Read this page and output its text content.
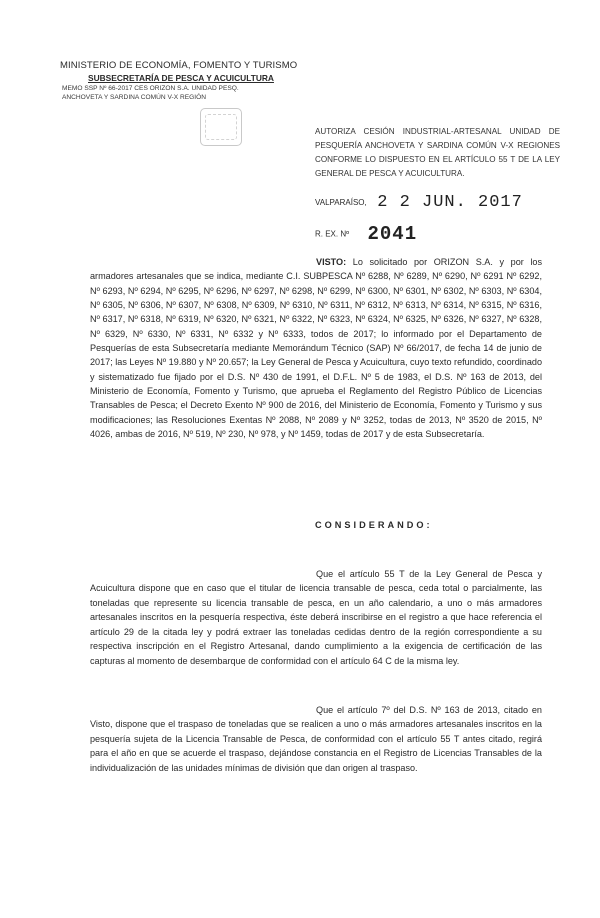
MINISTERIO DE ECONOMÍA, FOMENTO Y TURISMO
SUBSECRETARÍA DE PESCA Y ACUICULTURA
MEMO SSP Nº 66-2017 CES ORIZON S.A. UNIDAD PESQ.
ANCHOVETA Y SARDINA COMÚN V-X REGIÓN
AUTORIZA CESIÓN INDUSTRIAL-ARTESANAL UNIDAD DE PESQUERÍA ANCHOVETA Y SARDINA COMÚN V-X REGIONES CONFORME LO DISPUESTO EN EL ARTÍCULO 55 T DE LA LEY GENERAL DE PESCA Y ACUICULTURA.
VALPARAÍSO, 2 2 JUN. 2017
R. EX. Nº 2041
VISTO: Lo solicitado por ORIZON S.A. y por los armadores artesanales que se indica, mediante C.I. SUBPESCA Nº 6288, Nº 6289, Nº 6290, Nº 6291 Nº 6292, Nº 6293, Nº 6294, Nº 6295, Nº 6296, Nº 6297, Nº 6298, Nº 6299, Nº 6300, Nº 6301, Nº 6302, Nº 6303, Nº 6304, Nº 6305, Nº 6306, Nº 6307, Nº 6308, Nº 6309, Nº 6310, Nº 6311, Nº 6312, Nº 6313, Nº 6314, Nº 6315, Nº 6316, Nº 6317, Nº 6318, Nº 6319, Nº 6320, Nº 6321, Nº 6322, Nº 6323, Nº 6324, Nº 6325, Nº 6326, Nº 6327, Nº 6328, Nº 6329, Nº 6330, Nº 6331, Nº 6332 y Nº 6333, todos de 2017; lo informado por el Departamento de Pesquerías de esta Subsecretaría mediante Memorándum Técnico (SAP) Nº 66/2017, de fecha 14 de junio de 2017; las Leyes Nº 19.880 y Nº 20.657; la Ley General de Pesca y Acuicultura, cuyo texto refundido, coordinado y sistematizado fue fijado por el D.S. Nº 430 de 1991, el D.F.L. Nº 5 de 1983, el D.S. Nº 163 de 2013, del Ministerio de Economía, Fomento y Turismo, que aprueba el Reglamento del Registro Público de Licencias Transables de Pesca; el Decreto Exento Nº 900 de 2016, del Ministerio de Economía, Fomento y Turismo y sus modificaciones; las Resoluciones Exentas Nº 2088, Nº 2089 y Nº 3252, todas de 2013, Nº 3520 de 2015, Nº 4026, ambas de 2016, Nº 519, Nº 230, Nº 978, y Nº 1459, todas de 2017 y de esta Subsecretaría.
CONSIDERANDO:
Que el artículo 55 T de la Ley General de Pesca y Acuicultura dispone que en caso que el titular de licencia transable de pesca, ceda total o parcialmente, las toneladas que represente su licencia transable de pesca, en un año calendario, a uno o más armadores artesanales inscritos en la pesquería respectiva, éste deberá inscribirse en el registro a que hace referencia el artículo 29 de la citada ley y podrá extraer las toneladas cedidas dentro de la región correspondiente a su respectiva inscripción en el Registro Artesanal, dando cumplimiento a la exigencia de certificación de las capturas al momento de desembarque de conformidad con el artículo 64 C de la misma ley.
Que el artículo 7º del D.S. Nº 163 de 2013, citado en Visto, dispone que el traspaso de toneladas que se realicen a uno o más armadores artesanales inscritos en la pesquería sujeta de la Licencia Transable de Pesca, de conformidad con el artículo 55 T antes citado, regirá para el año en que se acuerde el traspaso, dejándose constancia en el Registro de Licencias Transables de la individualización de las unidades mínimas de división que dan origen al traspaso.
